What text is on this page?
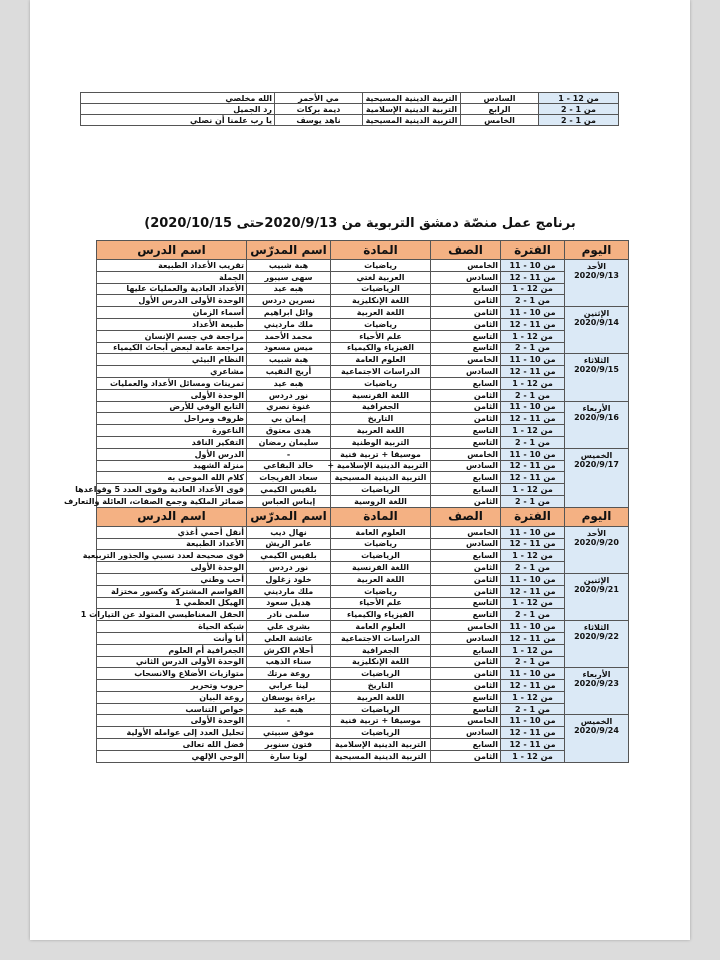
من 12 - 1	السادس	التربية الدينية المسيحية	مي الأحمر	الله مخلصي
من 1 - 2	الرابع	التربية الدينية الإسلامية	ديمة بركات	رد الجميل
من 1 - 2	الخامس	التربية الدينية المسيحية	ناهد يوسف	يا رب علمنا أن نصلي
برنامج عمل منصّة دمشق التربوية من 2020/9/13حتى 2020/10/15)
اليوم	الفترة	الصف	المادة	اسم المدرّس	اسم الدرس

الأحد
2020/9/13	من 10 - 11	الخامس	رياضيات	هبة شبيب	تقريب الأعداد الطبيعة
	من 11 - 12	السادس	العربية لغتي	سهى سيبور	الجملة
	من 12 - 1	السابع	الرياضيات	هبه عيد	الأعداد العادية والعمليات عليها
	من 1 - 2	الثامن	اللغة الإنكليزية	نسرين دردس	الوحدة الأولى الدرس الأول

الإثنين
2020/9/14	من 10 - 11	الثامن	اللغة العربية	وائل ابراهيم	أسماء الزمان
	من 11 - 12	الثامن	رياضيات	ملك مارديني	طبيعة الأعداد
	من 12 - 1	التاسع	علم الأحياء	محمد الأحمد	مراجعة في جسم الإنسان
	من 1 - 2	التاسع	الفيزياء والكيمياء	ميس مسعود	مراجعة عامة لبعض أبحاث الكيمياء

الثلاثاء
2020/9/15	من 10 - 11	الخامس	العلوم العامة	هبة شبيب	النظام البيئي
	من 11 - 12	السادس	الدراسات الاجتماعية	أريج النقيب	مشاعري
	من 12 - 1	السابع	رياضيات	هبه عيد	تمرينات ومسائل الأعداد والعمليات
	من 1 - 2	الثامن	اللغة الفرنسية	نور دردس	الوحدة الأولى

الأربعاء
2020/9/16	من 10 - 11	الثامن	الجغرافية	غنوة نصري	التابع الوفي للأرض
	من 11 - 12	الثامن	التاريخ	إيمان بي	ظروف ومراحل
	من 12 - 1	التاسع	اللغة العربية	هدى معتوق	الناعورة
	من 1 - 2	التاسع	التربية الوطنية	سليمان رمضان	التفكير الناقد

الخميس
2020/9/17	من 10 - 11	الخامس	موسيقا + تربية فنية	-	الدرس الأول
	من 11 - 12	السادس	التربية الدينية الإسلامية +	خالد البقاعي	منزلة الشهيد
	من 11 - 12	السابع	التربية الدينية المسيحية	سعاد الفريجات	كلام الله الموحى به
	من 12 - 1	السابع	الرياضيات	بلقيس الكيمي	قوى الأعداد العادية وقوى العدد 5 وقواعدها
	من 1 - 2	الثامن	اللغة الروسية	إيناس العباس	ضمائر الملكية وجمع الصفات، العائلة والتعارف
اليوم	الفترة	الصف	المادة	اسم المدرّس	اسم الدرس

الأحد
2020/9/20	من 10 - 11	الخامس	العلوم العامة	نهال ديب	أنقل أحمي أغذي
	من 11 - 12	السادس	رياضيات	عامر الريش	الأعداد الطبيعة
	من 12 - 1	السابع	الرياضيات	بلقيس الكيمي	قوى صحيحة لعدد نسبي والجذور التربيعية
	من 1 - 2	الثامن	اللغة الفرنسية	نور دردس	الوحدة الأولى

الإثنين
2020/9/21	من 10 - 11	الثامن	اللغة العربية	خلود زغلول	أحب وطني
	من 11 - 12	الثامن	رياضيات	ملك مارديني	القواسم المشتركة وكسور مختزلة
	من 12 - 1	التاسع	علم الأحياء	هديل سعود	الهيكل العظمي 1
	من 1 - 2	التاسع	الفيزياء والكيمياء	سلمى نادر	الحقل المغناطيسي المتولد عن التيارات 1

الثلاثاء
2020/9/22	من 10 - 11	الخامس	العلوم العامة	بشرى علي	شبكة الحياة
	من 11 - 12	السادس	الدراسات الاجتماعية	عائشة العلي	أنا وأنت
	من 12 - 1	السابع	الجغرافية	أحلام الكرش	الجغرافية أم العلوم
	من 1 - 2	الثامن	اللغة الإنكليزية	سناء الذهب	الوحدة الأولى الدرس الثاني

الأربعاء
2020/9/23	من 10 - 11	الثامن	الرياضيات	روعة مرتك	متوازيات الأضلاع والانسحاب
	من 11 - 12	الثامن	التاريخ	لينا عرابي	حروب وتحرير
	من 12 - 1	التاسع	اللغة العربية	براءة يوسفان	روعة البيان
	من 1 - 2	التاسع	الرياضيات	هبه عيد	خواص التناسب

الخميس
2020/9/24	من 10 - 11	الخامس	موسيقا + تربية فنية	-	الوحدة الأولى
	من 11 - 12	السادس	الرياضيات	موفق سبيتي	تحليل العدد إلى عوامله الأولية
	من 11 - 12	السابع	التربية الدينية الإسلامية	فتون سنوبر	فضل الله تعالى
	من 12 - 1	الثامن	التربية الدينية المسيحية	لونا سارة	الوحي الإلهي
